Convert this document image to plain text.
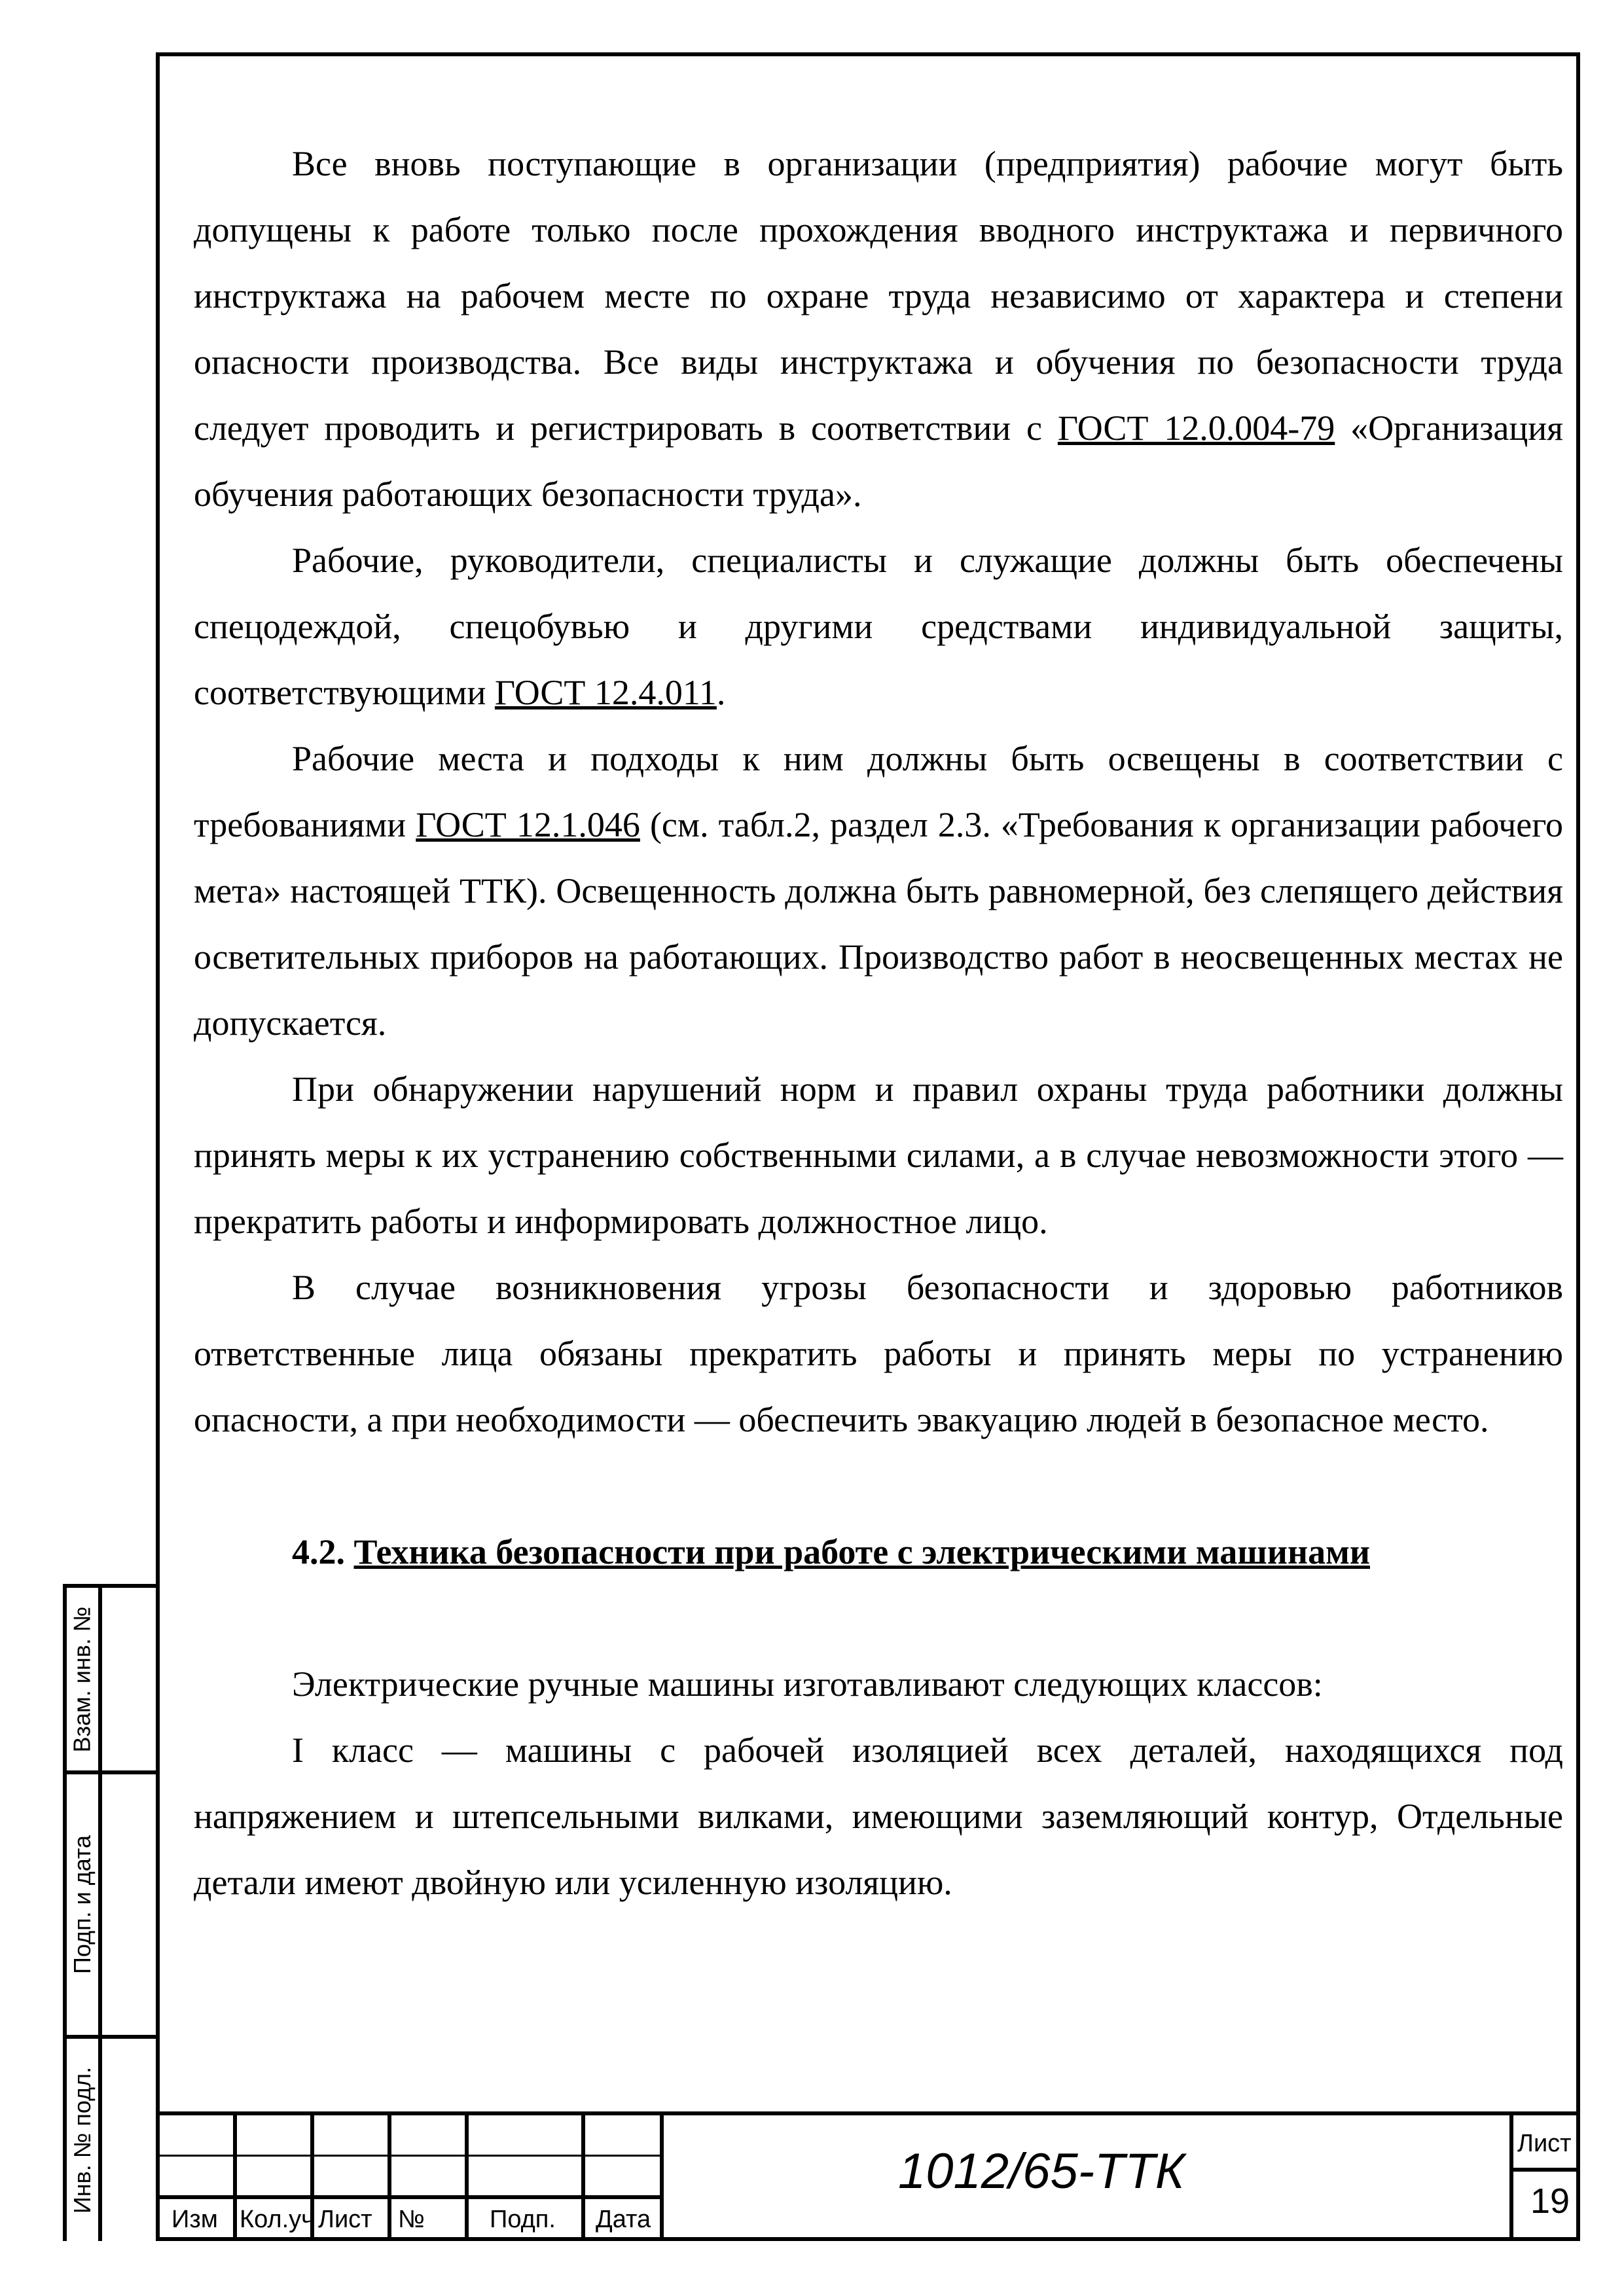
Все вновь поступающие в организации (предприятия) рабочие могут быть допущены к работе только после прохождения вводного инструктажа и первичного инструктажа на рабочем месте по охране труда независимо от характера и степени опасности производства. Все виды инструктажа и обучения по безопасности труда следует проводить и регистрировать в соответствии с ГОСТ 12.0.004-79 «Организация обучения работающих безопасности труда».

Рабочие, руководители, специалисты и служащие должны быть обеспечены спецодеждой, спецобувью и другими средствами индивидуальной защиты, соответствующими ГОСТ 12.4.011.

Рабочие места и подходы к ним должны быть освещены в соответствии с требованиями ГОСТ 12.1.046 (см. табл.2, раздел 2.3. «Требования к организации рабочего мета» настоящей ТТК). Освещенность должна быть равномерной, без слепящего действия осветительных приборов на работающих. Производство работ в неосвещенных местах не допускается.

При обнаружении нарушений норм и правил охраны труда работники должны принять меры к их устранению собственными силами, а в случае невозможности этого — прекратить работы и информировать должностное лицо.

В случае возникновения угрозы безопасности и здоровью работников ответственные лица обязаны прекратить работы и принять меры по устранению опасности, а при необходимости — обеспечить эвакуацию людей в безопасное место.

4.2. Техника безопасности при работе с электрическими машинами

Электрические ручные машины изготавливают следующих классов:

I класс — машины с рабочей изоляцией всех деталей, находящихся под напряжением и штепсельными вилками, имеющими заземляющий контур, Отдельные детали имеют двойную или усиленную изоляцию.

Взам. инв. №
Подп. и дата
Инв. № подл.
Изм Кол.уч Лист №	Подп. Дата
1012/65-ТТК	Лист
19
